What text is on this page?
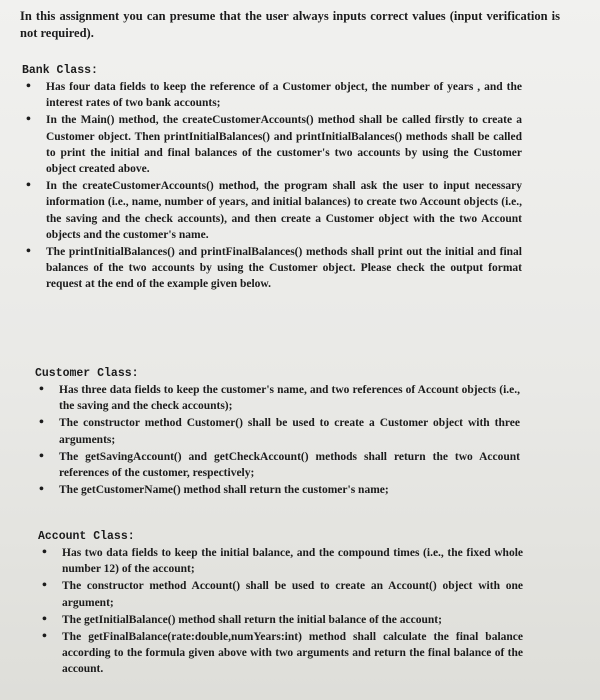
In this assignment you can presume that the user always inputs correct values (input verification is not required).
Bank Class:
• Has four data fields to keep the reference of a Customer object, the number of years , and the interest rates of two bank accounts;
• In the Main() method, the createCustomerAccounts() method shall be called firstly to create a Customer object. Then printInitialBalances() and printInitialBalances() methods shall be called to print the initial and final balances of the customer's two accounts by using the Customer object created above.
• In the createCustomerAccounts() method, the program shall ask the user to input necessary information (i.e., name, number of years, and initial balances) to create two Account objects (i.e., the saving and the check accounts), and then create a Customer object with the two Account objects and the customer's name.
• The printInitialBalances() and printFinalBalances() methods shall print out the initial and final balances of the two accounts by using the Customer object. Please check the output format request at the end of the example given below.
Customer Class:
• Has three data fields to keep the customer's name, and two references of Account objects (i.e., the saving and the check accounts);
• The constructor method Customer() shall be used to create a Customer object with three arguments;
• The getSavingAccount() and getCheckAccount() methods shall return the two Account references of the customer, respectively;
• The getCustomerName() method shall return the customer's name;
Account Class:
• Has two data fields to keep the initial balance, and the compound times (i.e., the fixed whole number 12) of the account;
• The constructor method Account() shall be used to create an Account() object with one argument;
• The getInitialBalance() method shall return the initial balance of the account;
• The getFinalBalance(rate:double,numYears:int) method shall calculate the final balance according to the formula given above with two arguments and return the final balance of the account.
